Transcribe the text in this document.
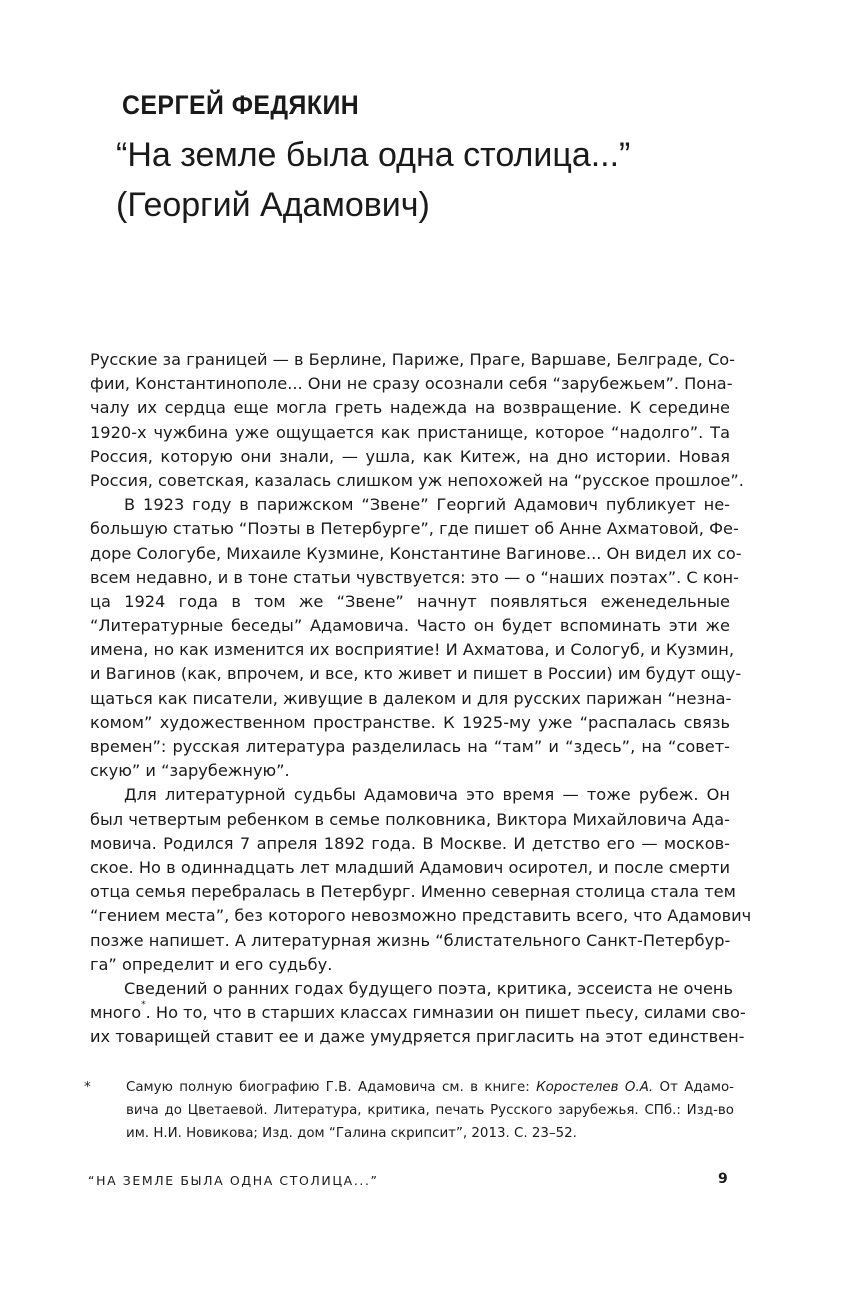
СЕРГЕЙ ФЕДЯКИН
“На земле была одна столица...”
(Георгий Адамович)
Русские за границей — в Берлине, Париже, Праге, Варшаве, Белграде, Со-
фии, Константинополе... Они не сразу осознали себя “зарубежьем”. Пона-
чалу их сердца еще могла греть надежда на возвращение. К середине
1920-х чужбина уже ощущается как пристанище, которое “надолго”. Та
Россия, которую они знали, — ушла, как Китеж, на дно истории. Новая
Россия, советская, казалась слишком уж непохожей на “русское прошлое”.
В 1923 году в парижском “Звене” Георгий Адамович публикует не-
большую статью “Поэты в Петербурге”, где пишет об Анне Ахматовой, Фе-
доре Сологубе, Михаиле Кузмине, Константине Вагинове... Он видел их со-
всем недавно, и в тоне статьи чувствуется: это — о “наших поэтах”. С кон-
ца 1924 года в том же “Звене” начнут появляться еженедельные
“Литературные беседы” Адамовича. Часто он будет вспоминать эти же
имена, но как изменится их восприятие! И Ахматова, и Сологуб, и Кузмин,
и Вагинов (как, впрочем, и все, кто живет и пишет в России) им будут ощу-
щаться как писатели, живущие в далеком и для русских парижан “незна-
комом” художественном пространстве. К 1925-му уже “распалась связь
времен”: русская литература разделилась на “там” и “здесь”, на “совет-
скую” и “зарубежную”.
Для литературной судьбы Адамовича это время — тоже рубеж. Он
был четвертым ребенком в семье полковника, Виктора Михайловича Ада-
мовича. Родился 7 апреля 1892 года. В Москве. И детство его — москов-
ское. Но в одиннадцать лет младший Адамович осиротел, и после смерти
отца семья перебралась в Петербург. Именно северная столица стала тем
“гением места”, без которого невозможно представить всего, что Адамович
позже напишет. А литературная жизнь “блистательного Санкт-Петербур-
га” определит и его судьбу.
Сведений о ранних годах будущего поэта, критика, эссеиста не очень
много*. Но то, что в старших классах гимназии он пишет пьесу, силами сво-
их товарищей ставит ее и даже умудряется пригласить на этот единствен-
*	Самую полную биографию Г.В. Адамовича см. в книге: Коростелев О.А. От Адамо-
вича до Цветаевой. Литература, критика, печать Русского зарубежья. СПб.: Изд-во
им. Н.И. Новикова; Изд. дом “Галина скрипсит”, 2013. С. 23–52.
“НА ЗЕМЛЕ БЫЛА ОДНА СТОЛИЦА...”	9
